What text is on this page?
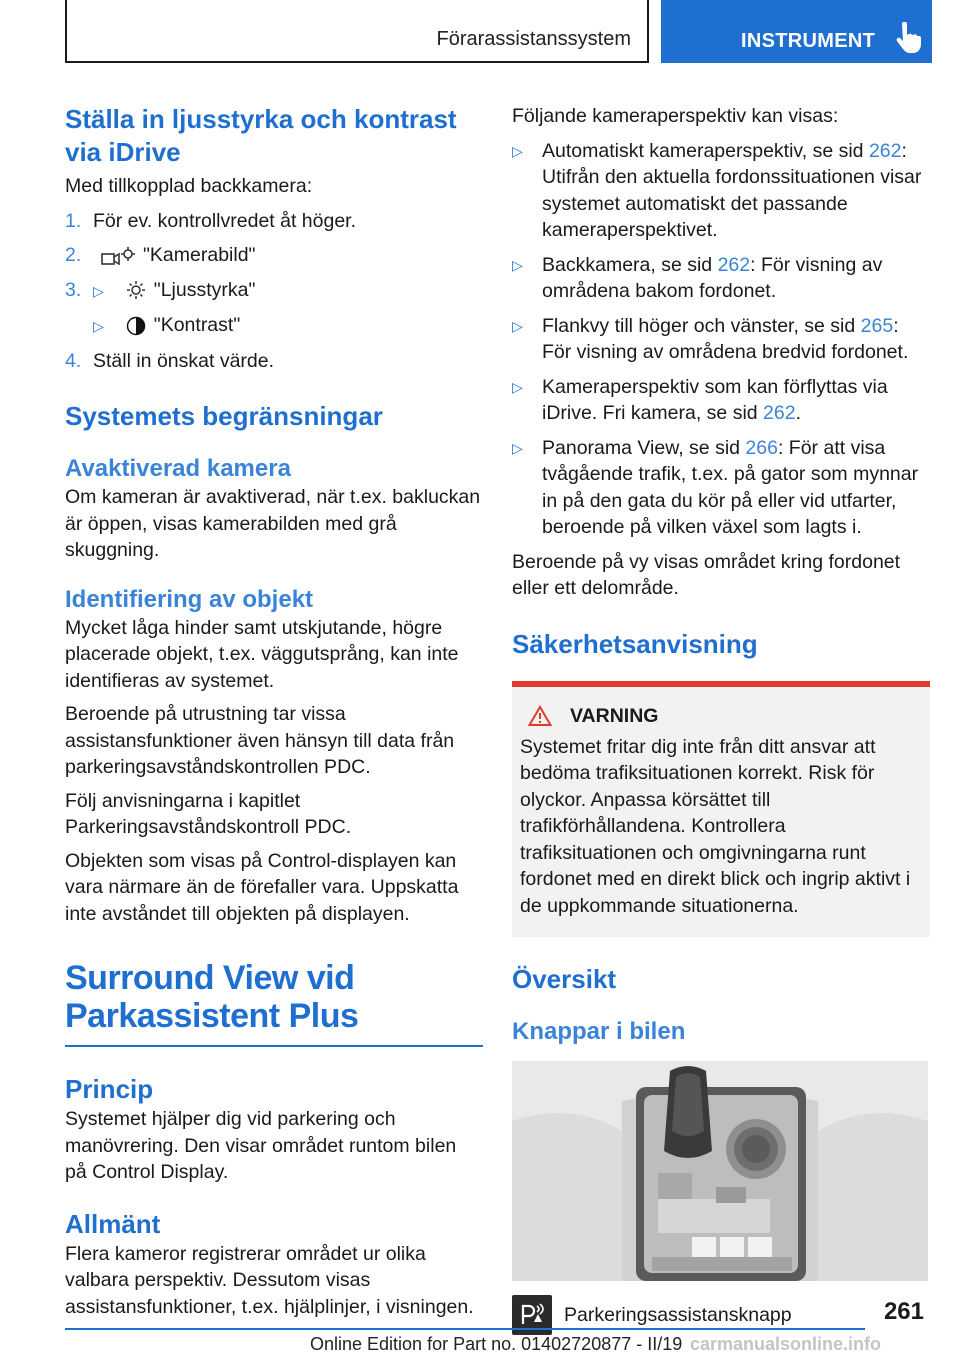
Förarassistanssystem	INSTRUMENT
Ställa in ljusstyrka och kontrast via iDrive

Med tillkopplad backkamera:

1. För ev. kontrollvredet åt höger.
2.	"Kamerabild"
3. ▷	"Ljusstyrka"
▷	"Kontrast"
4. Ställ in önskat värde.
Systemets begränsningar
Avaktiverad kamera

Om kameran är avaktiverad, när t.ex. bakluckan är öppen, visas kamerabilden med grå skuggning.

Identifiering av objekt

Mycket låga hinder samt utskjutande, högre placerade objekt, t.ex. väggutsprång, kan inte identifieras av systemet.

Beroende på utrustning tar vissa assistansfunktioner även hänsyn till data från parkeringsavståndskontrollen PDC.

Följ anvisningarna i kapitlet Parkeringsavståndskontroll PDC.

Objekten som visas på Control-displayen kan vara närmare än de förefaller vara. Uppskatta inte avståndet till objekten på displayen.

Surround View vid Parkassistent Plus
Princip

Systemet hjälper dig vid parkering och manövrering. Den visar området runtom bilen på Control Display.

Allmänt

Flera kameror registrerar området ur olika valbara perspektiv. Dessutom visas assistansfunktioner, t.ex. hjälplinjer, i visningen.

Följande kameraperspektiv kan visas:

▷ Automatiskt kameraperspektiv, se sid 262: Utifrån den aktuella fordonssituationen visar systemet automatiskt det passande kameraperspektivet.
▷ Backkamera, se sid 262: För visning av områdena bakom fordonet.
▷ Flankvy till höger och vänster, se sid 265: För visning av områdena bredvid fordonet.
▷ Kameraperspektiv som kan förflyttas via iDrive. Fri kamera, se sid 262.
▷ Panorama View, se sid 266: För att visa tvågående trafik, t.ex. på gator som mynnar in på den gata du kör på eller vid utfarter, beroende på vilken växel som lagts i.

Beroende på vy visas området kring fordonet eller ett delområde.

Säkerhetsanvisning
VARNING

Systemet fritar dig inte från ditt ansvar att bedöma trafiksituationen korrekt. Risk för olyckor. Anpassa körsättet till trafikförhållandena. Kontrollera trafiksituationen och omgivningarna runt fordonet med en direkt blick och ingrip aktivt i de uppkommande situationerna.

Översikt
Knappar i bilen

Parkeringsassistansknapp	261
Online Edition for Part no. 01402720877 - II/19 carmanualsonline.info
